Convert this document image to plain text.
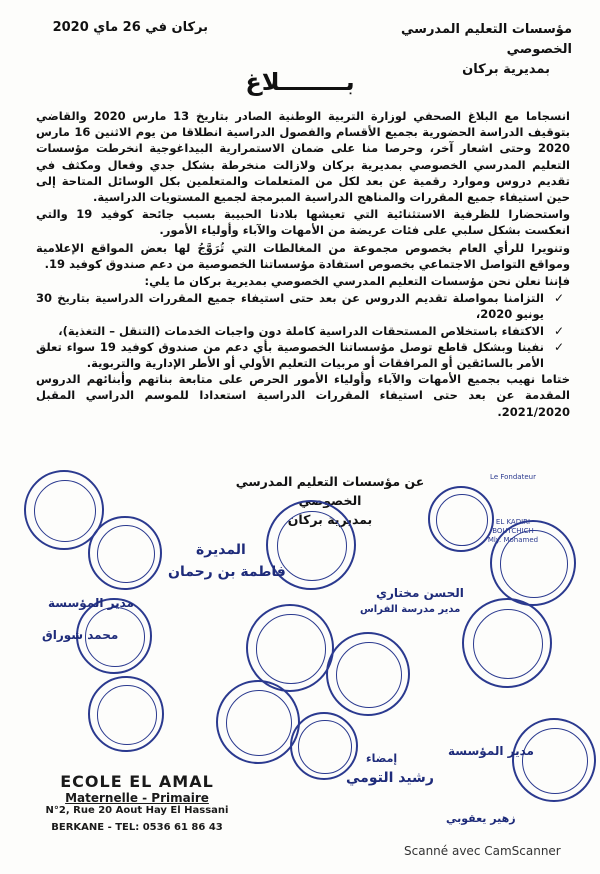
مؤسسات التعليم المدرسي الخصوصي
بمديرية بركان
بركان في 26 ماي 2020
بــــــــلاغ

انسجاما مع البلاغ الصحفي لوزارة التربية الوطنية الصادر بتاريخ 13 مارس 2020 والقاضي بتوقيف الدراسة الحضورية بجميع الأقسام والفصول الدراسية انطلاقا من يوم الاثنين 16 مارس 2020 وحتى اشعار آخر، وحرصا منا على ضمان الاستمرارية البيداغوجية انخرطت مؤسسات التعليم المدرسي الخصوصي بمديرية بركان ولازالت منخرطة بشكل جدي وفعال ومكثف في تقديم دروس وموارد رقمية عن بعد لكل من المتعلمات والمتعلمين بكل الوسائل المتاحة إلى حين استيفاء جميع المقررات والمناهج الدراسية المبرمجة لجميع المستويات الدراسية.

واستحضارا للظرفية الاستثنائية التي تعيشها بلادنا الحبيبة بسبب جائحة كوفيد 19 والتي انعكست بشكل سلبي على فئات عريضة من الأمهات والآباء وأولياء الأمور.

وتنويرا للرأي العام بخصوص مجموعة من المغالطات التي تُرَوَّجُ لها بعض المواقع الإعلامية ومواقع التواصل الاجتماعي بخصوص استفادة مؤسساتنا الخصوصية من دعم صندوق كوفيد 19.

فإننا نعلن نحن مؤسسات التعليم المدرسي الخصوصي بمديرية بركان ما يلي:

✓
التزامنا بمواصلة تقديم الدروس عن بعد حتى استيفاء جميع المقررات الدراسية بتاريخ 30 يونيو 2020،
✓
الاكتفاء باستخلاص المستحقات الدراسية كاملة دون واجبات الخدمات (التنقل – التغذية)،
✓
نفينا وبشكل قاطع توصل مؤسساتنا الخصوصية بأي دعم من صندوق كوفيد 19 سواء تعلق الأمر بالسائقين أو المرافقات أو مربيات التعليم الأولي أو الأطر الإدارية والتربوية.

ختاما نهيب بجميع الأمهات والآباء وأولياء الأمور الحرص على متابعة بناتهم وأبنائهم الدروس المقدمة عن بعد حتى استيفاء المقررات الدراسية استعدادا للموسم الدراسي المقبل 2021/2020.

عن مؤسسات التعليم المدرسي الخصوصي
بمديرية بركان
Le Fondateur
EL KADIRI BOUTCHICH
Mly. Mohamed
المديرة
فاطمة بن رحمان
مدير المؤسسة
محمد شوراق
الحسن مختاري
مدير مدرسة الفراس
إمضاء
رشيد التومي
مدير المؤسسة
زهير يعقوبي
ECOLE EL AMAL
Maternelle - Primaire
N°2, Rue 20 Aout Hay El Hassani
BERKANE - TEL: 0536 61 86 43
Scanné avec CamScanner
